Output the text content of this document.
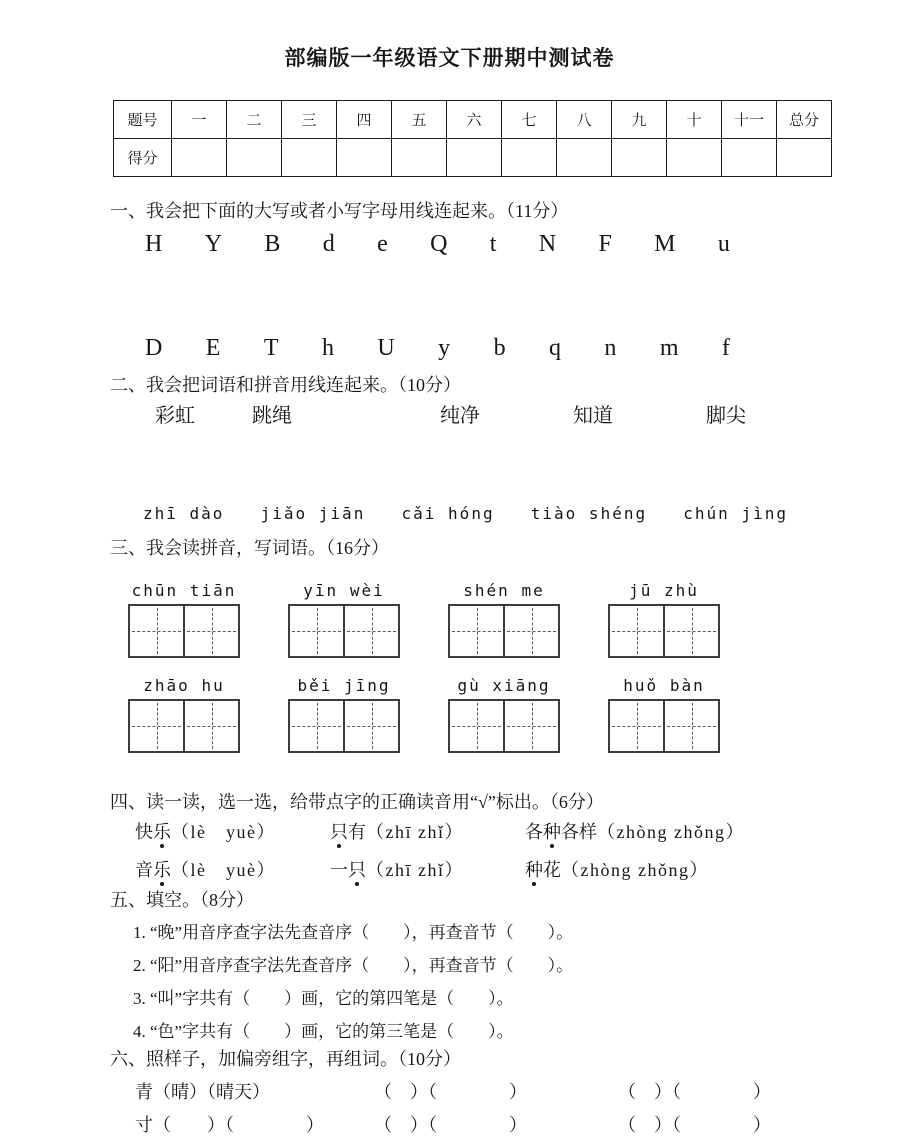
部编版一年级语文下册期中测试卷
题号	一	二	三	四	五	六	七	八	九	十	十一	总分
得分												

一、我会把下面的大写或者小写字母用线连起来。（11分）

H Y B d e Q t N F M u
D E T h U y b q n m f

二、我会把词语和拼音用线连起来。（10分）

彩虹	跳绳	纯净	知道	脚尖
zhī dào jiǎo jiān cǎi hóng tiào shéng chún jìng

三、我会读拼音，写词语。（16分）

chūn tiān	yīn wèi	shén me	jū zhù
zhāo hu	běi jīng	gù xiāng	huǒ bàn

四、读一读，选一选，给带点字的正确读音用“√”标出。（6分）

快乐（lè　yuè）	只有（zhī zhǐ）	各种各样（zhòng zhǒng）
音乐（lè　yuè）	一只（zhī zhǐ）	种花（zhòng zhǒng）

五、填空。（8分）

1. “晚”用音序查字法先查音序（　　），再查音节（　　）。

2. “阳”用音序查字法先查音序（　　），再查音节（　　）。

3. “叫”字共有（　　）画，它的第四笔是（　　）。

4. “色”字共有（　　）画，它的第三笔是（　　）。

六、照样子，加偏旁组字，再组词。（10分）

青（晴）（晴天）	（　）（　　　　）	（　）（　　　　）
寸（　　）（　　　　）	（　）（　　　　）	（　）（　　　　）
